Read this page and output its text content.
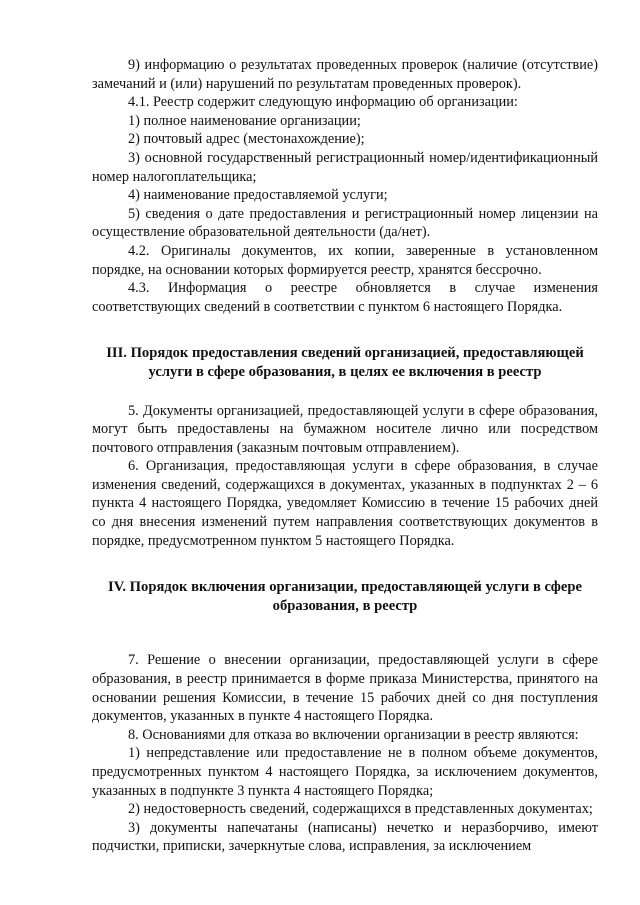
9) информацию о результатах проведенных проверок (наличие (отсутствие) замечаний и (или) нарушений по результатам проведенных проверок).

4.1. Реестр содержит следующую информацию об организации:

1) полное наименование организации;

2) почтовый адрес (местонахождение);

3) основной государственный регистрационный номер/идентификационный номер налогоплательщика;

4) наименование предоставляемой услуги;

5) сведения о дате предоставления и регистрационный номер лицензии на осуществление образовательной деятельности (да/нет).

4.2. Оригиналы документов, их копии, заверенные в установленном порядке, на основании которых формируется реестр, хранятся бессрочно.

4.3. Информация о реестре обновляется в случае изменения соответствующих сведений в соответствии с пунктом 6 настоящего Порядка.

III. Порядок предоставления сведений организацией, предоставляющей услуги в сфере образования, в целях ее включения в реестр

5. Документы организацией, предоставляющей услуги в сфере образования, могут быть предоставлены на бумажном носителе лично или посредством почтового отправления (заказным почтовым отправлением).

6. Организация, предоставляющая услуги в сфере образования, в случае изменения сведений, содержащихся в документах, указанных в подпунктах 2 – 6 пункта 4 настоящего Порядка, уведомляет Комиссию в течение 15 рабочих дней со дня внесения изменений путем направления соответствующих документов в порядке, предусмотренном пунктом 5 настоящего Порядка.

IV. Порядок включения организации, предоставляющей услуги в сфере образования, в реестр

7. Решение о внесении организации, предоставляющей услуги в сфере образования, в реестр принимается в форме приказа Министерства, принятого на основании решения Комиссии, в течение 15 рабочих дней со дня поступления документов, указанных в пункте 4 настоящего Порядка.

8. Основаниями для отказа во включении организации в реестр являются:

1) непредставление или предоставление не в полном объеме документов, предусмотренных пунктом 4 настоящего Порядка, за исключением документов, указанных в подпункте 3 пункта 4 настоящего Порядка;

2) недостоверность сведений, содержащихся в представленных документах;

3) документы напечатаны (написаны) нечетко и неразборчиво, имеют подчистки, приписки, зачеркнутые слова, исправления, за исключением
